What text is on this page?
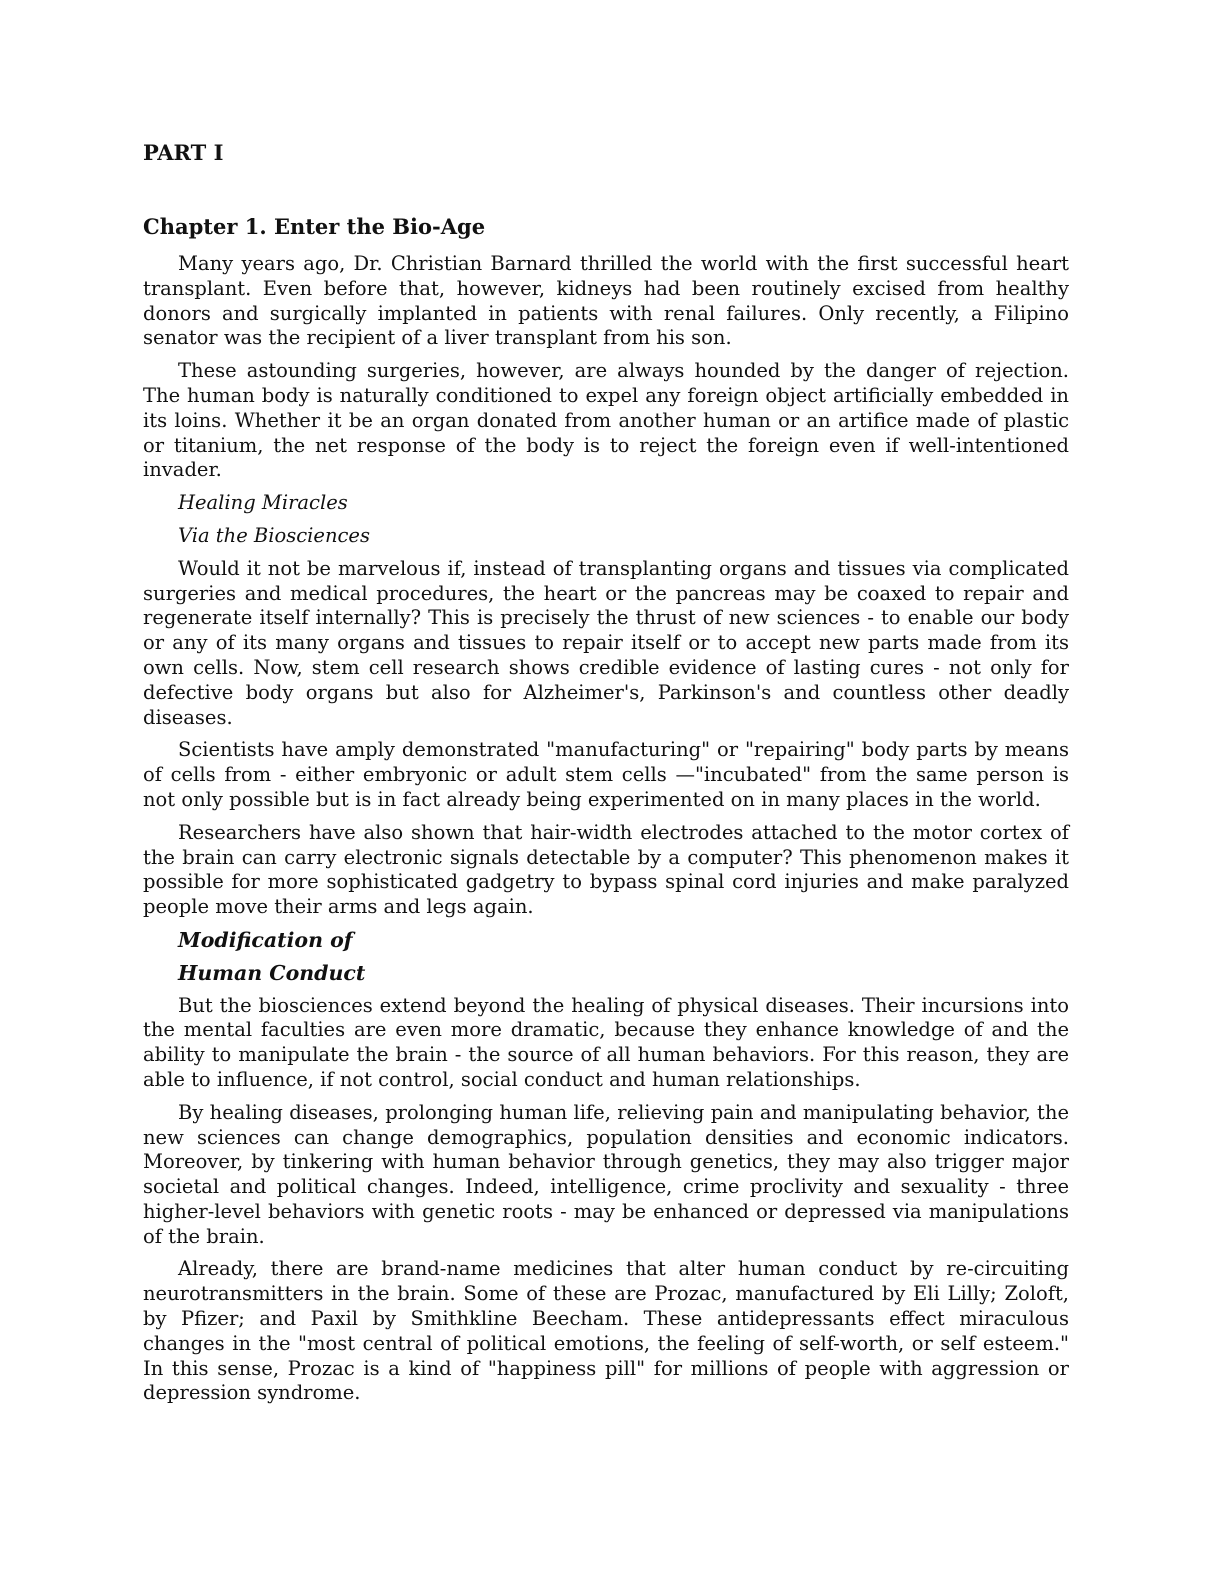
PART I
Chapter 1. Enter the Bio-Age

Many years ago, Dr. Christian Barnard thrilled the world with the first successful heart transplant. Even before that, however, kidneys had been routinely excised from healthy donors and surgically implanted in patients with renal failures. Only recently, a Filipino senator was the recipient of a liver transplant from his son.

These astounding surgeries, however, are always hounded by the danger of rejection. The human body is naturally conditioned to expel any foreign object artificially embedded in its loins. Whether it be an organ donated from another human or an artifice made of plastic or titanium, the net response of the body is to reject the foreign even if well-intentioned invader.

Healing Miracles

Via the Biosciences

Would it not be marvelous if, instead of transplanting organs and tissues via complicated surgeries and medical procedures, the heart or the pancreas may be coaxed to repair and regenerate itself internally? This is precisely the thrust of new sciences - to enable our body or any of its many organs and tissues to repair itself or to accept new parts made from its own cells. Now, stem cell research shows credible evidence of lasting cures - not only for defective body organs but also for Alzheimer's, Parkinson's and countless other deadly diseases.

Scientists have amply demonstrated "manufacturing" or "repairing" body parts by means of cells from - either embryonic or adult stem cells —"incubated" from the same person is not only possible but is in fact already being experimented on in many places in the world.

Researchers have also shown that hair-width electrodes attached to the motor cortex of the brain can carry electronic signals detectable by a computer? This phenomenon makes it possible for more sophisticated gadgetry to bypass spinal cord injuries and make paralyzed people move their arms and legs again.

Modification of

Human Conduct

But the biosciences extend beyond the healing of physical diseases. Their incursions into the mental faculties are even more dramatic, because they enhance knowledge of and the ability to manipulate the brain - the source of all human behaviors. For this reason, they are able to influence, if not control, social conduct and human relationships.

By healing diseases, prolonging human life, relieving pain and manipulating behavior, the new sciences can change demographics, population densities and economic indicators. Moreover, by tinkering with human behavior through genetics, they may also trigger major societal and political changes. Indeed, intelligence, crime proclivity and sexuality - three higher-level behaviors with genetic roots - may be enhanced or depressed via manipulations of the brain.

Already, there are brand-name medicines that alter human conduct by re-circuiting neurotransmitters in the brain. Some of these are Prozac, manufactured by Eli Lilly; Zoloft, by Pfizer; and Paxil by Smithkline Beecham. These antidepressants effect miraculous changes in the "most central of political emotions, the feeling of self-worth, or self esteem." In this sense, Prozac is a kind of "happiness pill" for millions of people with aggression or depression syndrome.
